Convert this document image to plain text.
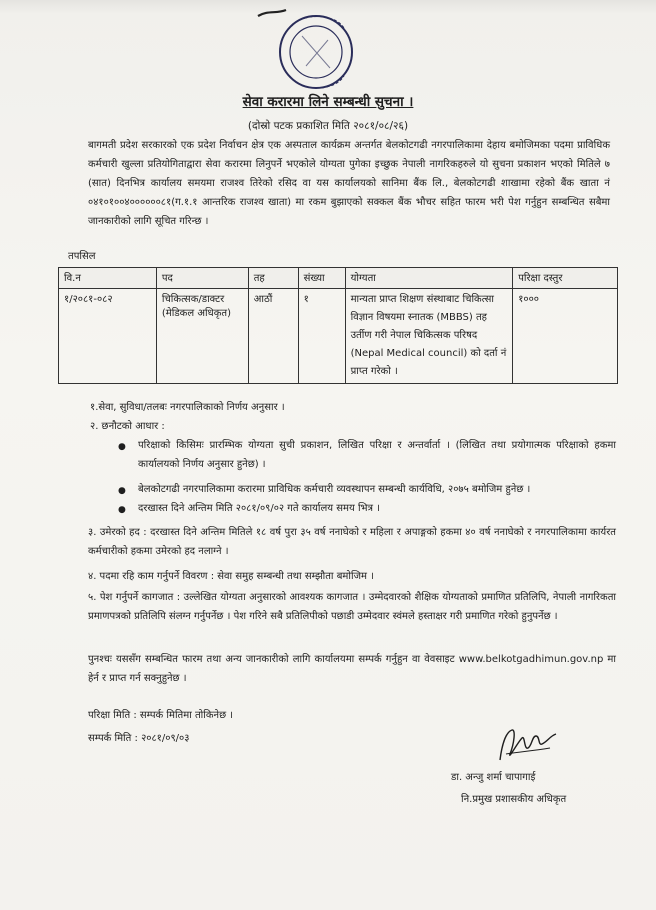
सेवा करारमा लिने सम्बन्धी सुचना ।
(दोस्रो पटक प्रकाशित मिति २०८१/०८/२६)

बागमती प्रदेश सरकारको एक प्रदेश निर्वाचन क्षेत्र एक अस्पताल कार्यक्रम अन्तर्गत बेलकोटगढी नगरपालिकामा देहाय बमोजिमका पदमा प्राविधिक कर्मचारी खुल्ला प्रतियोगिताद्वारा सेवा करारमा लिनुपर्ने भएकोले योग्यता पुगेका इच्छुक नेपाली नागरिकहरुले यो सुचना प्रकाशन भएको मितिले ७ (सात) दिनभित्र कार्यालय समयमा राजश्व तिरेको रसिद वा यस कार्यालयको सानिमा बैंक लि., बेलकोटगढी शाखामा रहेको बैंक खाता नं ०४१०१००४००००००८१(ग.१.१ आन्तरिक राजश्व खाता) मा रकम बुझाएको सक्कल बैंक भौचर सहित फारम भरी पेश गर्नुहुन सम्बन्धित सबैमा जानकारीको लागि सूचित गरिन्छ ।

तपसिल
वि.न	पद	तह	संख्या	योग्यता	परिक्षा दस्तुर
१/२०८१-०८२	चिकित्सक/डाक्टर (मेडिकल अधिकृत)	आठौं	१	मान्यता प्राप्त शिक्षण संस्थाबाट चिकित्सा विज्ञान विषयमा स्नातक (MBBS) तह उर्तीण गरी नेपाल चिकित्सक परिषद (Nepal Medical council) को दर्ता नं प्राप्त गरेको ।	१०००

१.सेवा, सुविधा/तलबः नगरपालिकाको निर्णय अनुसार ।

२. छनौटको आधार :

● परिक्षाको किसिमः प्रारम्भिक योग्यता सुची प्रकाशन, लिखित परिक्षा र अन्तर्वार्ता । (लिखित तथा प्रयोगात्मक परिक्षाको हकमा कार्यालयको निर्णय अनुसार हुनेछ) ।

● बेलकोटगढी नगरपालिकामा करारमा प्राविधिक कर्मचारी व्यवस्थापन सम्बन्धी कार्यविधि, २०७५ बमोजिम हुनेछ ।

● दरखास्त दिने अन्तिम मिति २०८१/०९/०२ गते कार्यालय समय भित्र ।

३. उमेरको हद : दरखास्त दिने अन्तिम मितिले १८ वर्ष पुरा ३५ वर्ष ननाघेको र महिला र अपाङ्गको हकमा ४० वर्ष ननाघेको र नगरपालिकामा कार्यरत कर्मचारीको हकमा उमेरको हद नलाग्ने ।

४. पदमा रहि काम गर्नुपर्ने विवरण : सेवा समुह सम्बन्धी तथा सम्झौता बमोजिम ।

५. पेश गर्नुपर्ने कागजात : उल्लेखित योग्यता अनुसारको आवश्यक कागजात । उम्मेदवारको शैक्षिक योग्यताको प्रमाणित प्रतिलिपि, नेपाली नागरिकता प्रमाणपत्रको प्रतिलिपि संलग्न गर्नुपर्नेछ । पेश गरिने सबै प्रतिलिपीको पछाडी उम्मेदवार स्वंमले हस्ताक्षर गरी प्रमाणित गरेको हुनुपर्नेछ ।

पुनश्चः यससँग सम्बन्धित फारम तथा अन्य जानकारीको लागि कार्यालयमा सम्पर्क गर्नुहुन वा वेवसाइट www.belkotgadhimun.gov.np मा हेर्न र प्राप्त गर्न सक्नुहुनेछ ।

परिक्षा मिति : सम्पर्क मितिमा तोकिनेछ ।

सम्पर्क मिति : २०८१/०९/०३

डा. अन्जु शर्मा चापागाई
नि.प्रमुख प्रशासकीय अधिकृत
